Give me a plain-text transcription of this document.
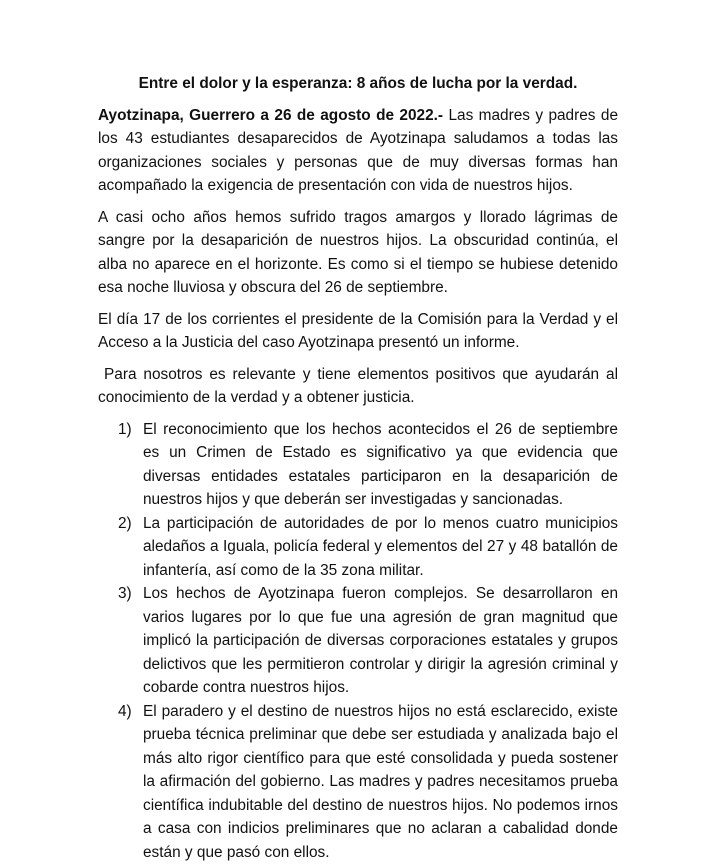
Entre el dolor y la esperanza: 8 años de lucha por la verdad.

Ayotzinapa, Guerrero a 26 de agosto de 2022.- Las madres y padres de los 43 estudiantes desaparecidos de Ayotzinapa saludamos a todas las organizaciones sociales y personas que de muy diversas formas han acompañado la exigencia de presentación con vida de nuestros hijos.

A casi ocho años hemos sufrido tragos amargos y llorado lágrimas de sangre por la desaparición de nuestros hijos. La obscuridad continúa, el alba no aparece en el horizonte. Es como si el tiempo se hubiese detenido esa noche lluviosa y obscura del 26 de septiembre.

El día 17 de los corrientes el presidente de la Comisión para la Verdad y el Acceso a la Justicia del caso Ayotzinapa presentó un informe.

Para nosotros es relevante y tiene elementos positivos que ayudarán al conocimiento de la verdad y a obtener justicia.

1) El reconocimiento que los hechos acontecidos el 26 de septiembre es un Crimen de Estado es significativo ya que evidencia que diversas entidades estatales participaron en la desaparición de nuestros hijos y que deberán ser investigadas y sancionadas.
2) La participación de autoridades de por lo menos cuatro municipios aledaños a Iguala, policía federal y elementos del 27 y 48 batallón de infantería, así como de la 35 zona militar.
3) Los hechos de Ayotzinapa fueron complejos. Se desarrollaron en varios lugares por lo que fue una agresión de gran magnitud que implicó la participación de diversas corporaciones estatales y grupos delictivos que les permitieron controlar y dirigir la agresión criminal y cobarde contra nuestros hijos.
4) El paradero y el destino de nuestros hijos no está esclarecido, existe prueba técnica preliminar que debe ser estudiada y analizada bajo el más alto rigor científico para que esté consolidada y pueda sostener la afirmación del gobierno. Las madres y padres necesitamos prueba científica indubitable del destino de nuestros hijos. No podemos irnos a casa con indicios preliminares que no aclaran a cabalidad donde están y que pasó con ellos.
